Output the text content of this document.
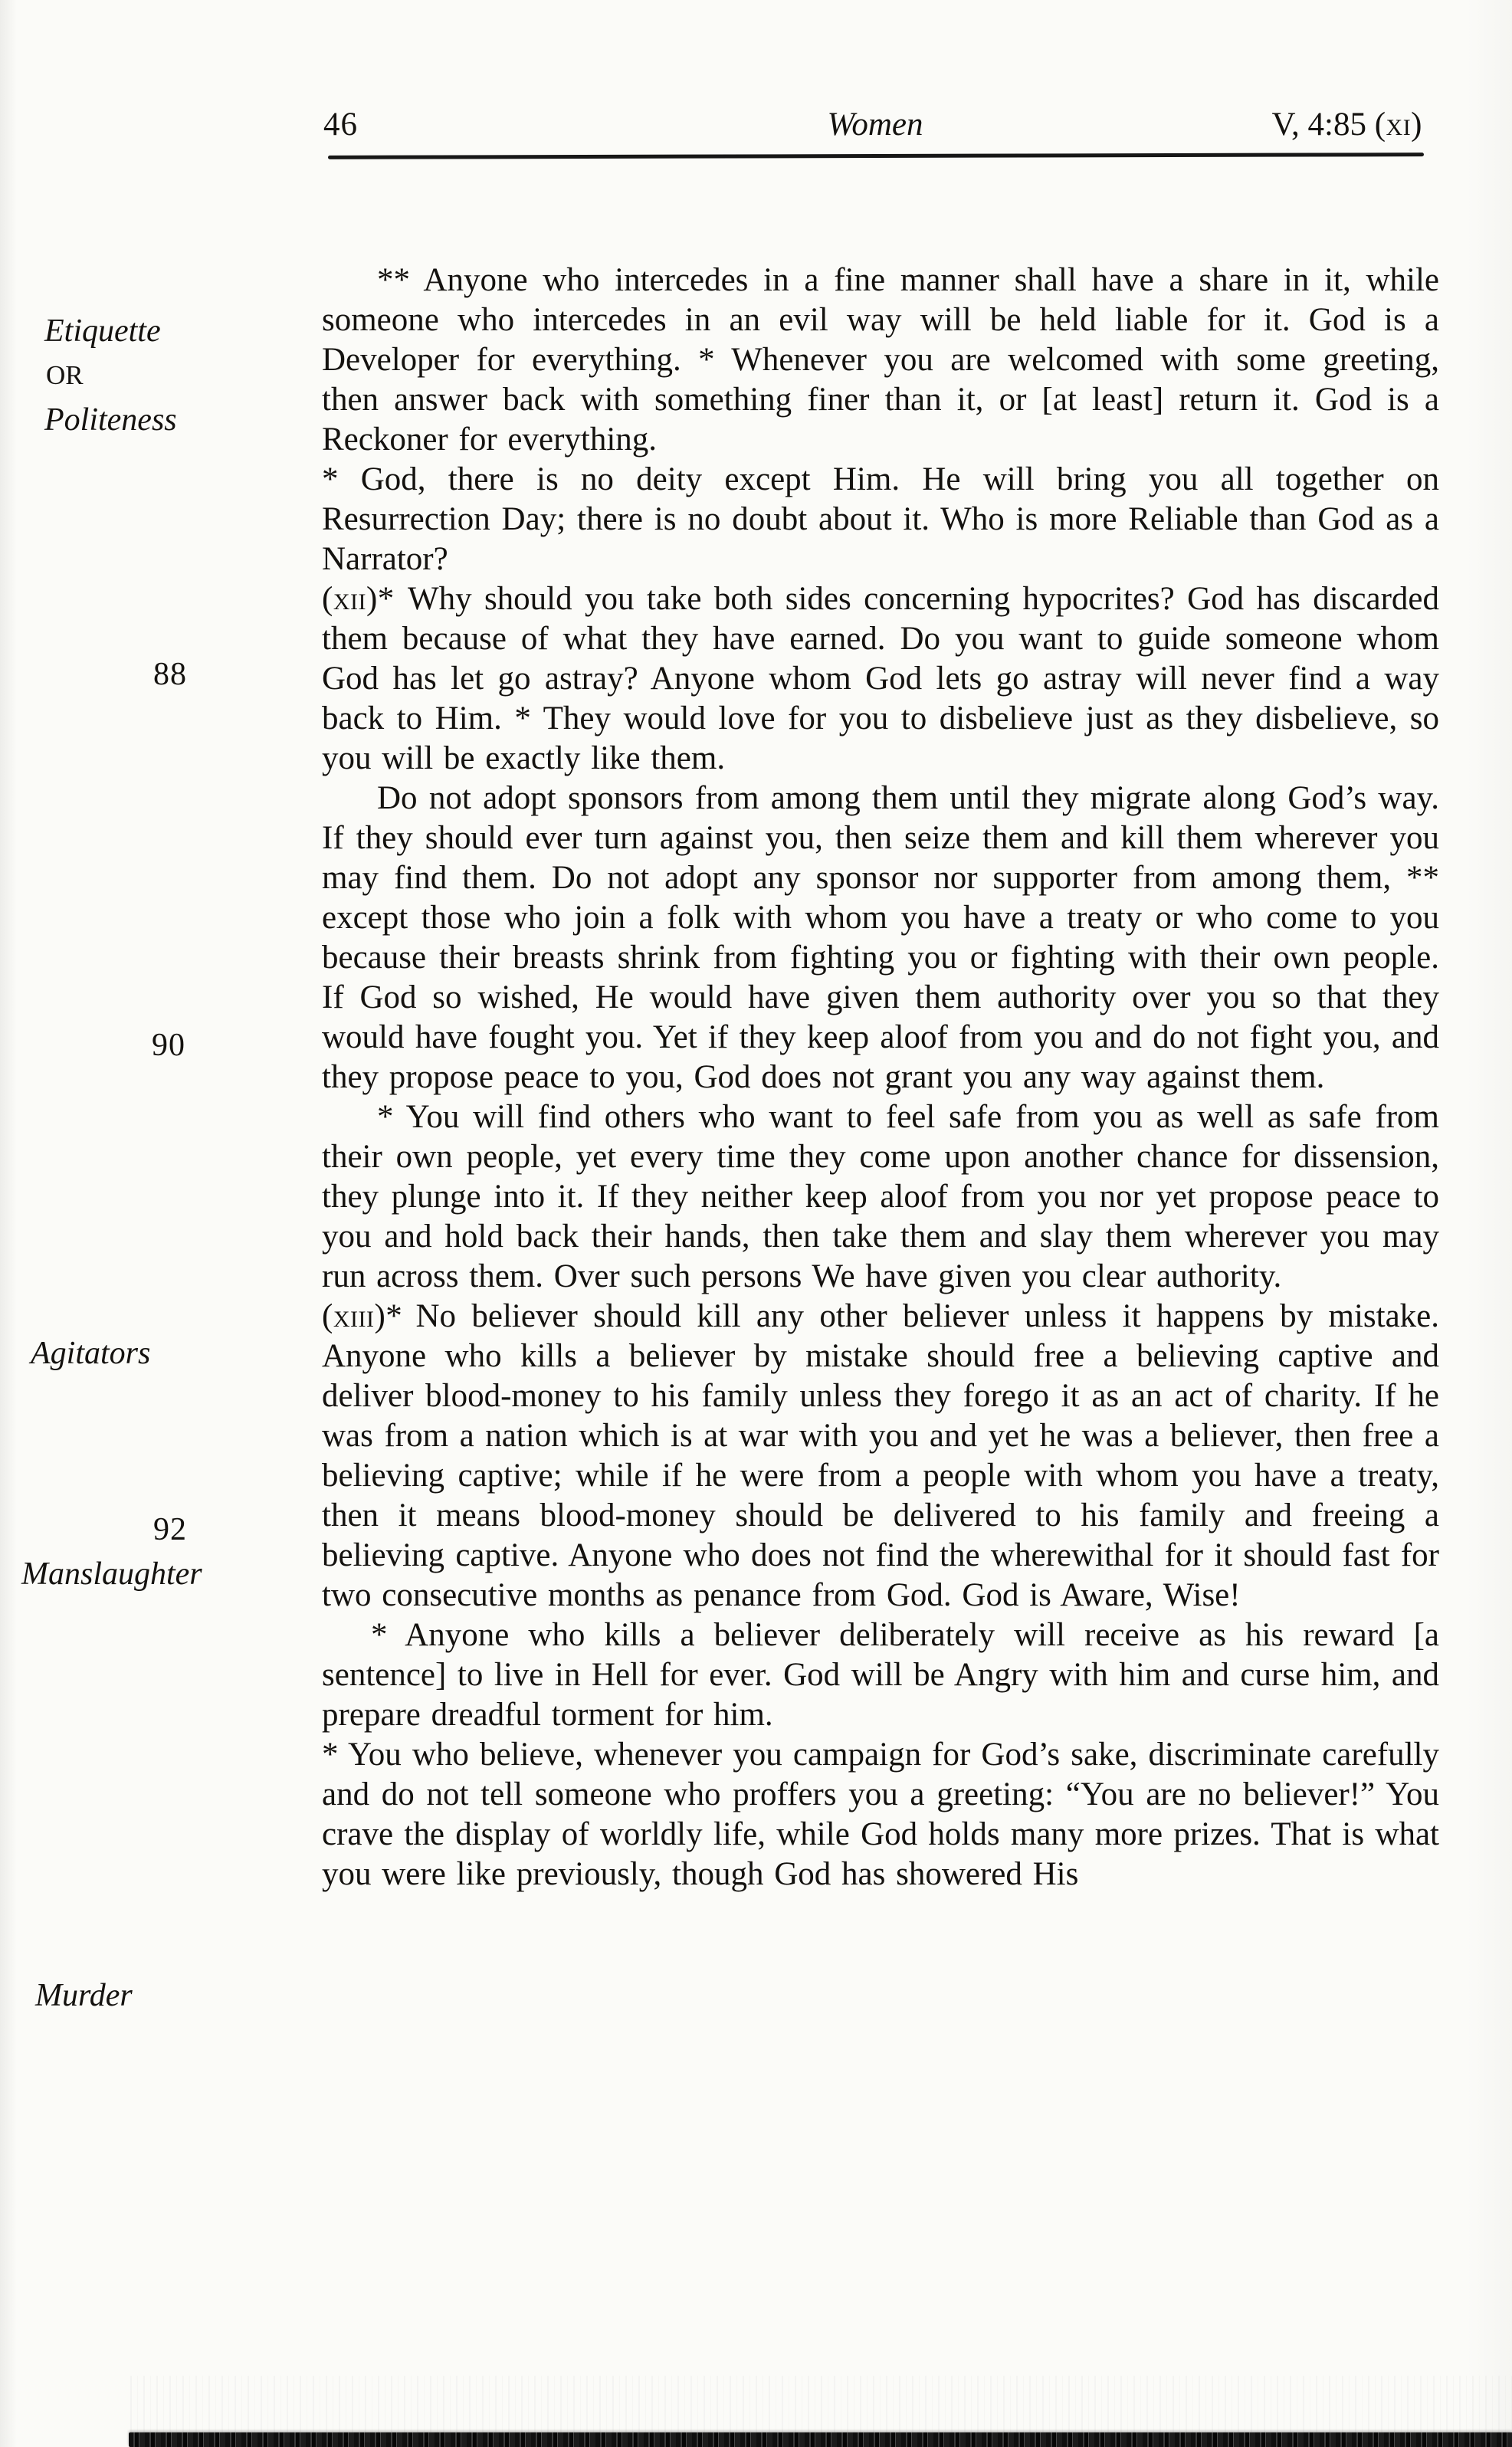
46	Women	V, 4:85 (xi)
Etiquette
OR
Politeness
88
90
Agitators
92
Manslaughter
Murder

** Anyone who intercedes in a fine manner shall have a share in it, while someone who intercedes in an evil way will be held liable for it. God is a Developer for everything. * Whenever you are welcomed with some greeting, then answer back with something finer than it, or [at least] return it. God is a Reckoner for everything.

* God, there is no deity except Him. He will bring you all together on Resurrection Day; there is no doubt about it. Who is more Reliable than God as a Narrator?

(xii)* Why should you take both sides concerning hypocrites? God has discarded them because of what they have earned. Do you want to guide someone whom God has let go astray? Anyone whom God lets go astray will never find a way back to Him. * They would love for you to disbelieve just as they disbelieve, so you will be exactly like them.

Do not adopt sponsors from among them until they migrate along God’s way. If they should ever turn against you, then seize them and kill them wherever you may find them. Do not adopt any sponsor nor supporter from among them, ** except those who join a folk with whom you have a treaty or who come to you because their breasts shrink from fighting you or fighting with their own people. If God so wished, He would have given them authority over you so that they would have fought you. Yet if they keep aloof from you and do not fight you, and they propose peace to you, God does not grant you any way against them.

* You will find others who want to feel safe from you as well as safe from their own people, yet every time they come upon another chance for dissension, they plunge into it. If they neither keep aloof from you nor yet propose peace to you and hold back their hands, then take them and slay them wherever you may run across them. Over such persons We have given you clear authority.

(xiii)* No believer should kill any other believer unless it happens by mistake. Anyone who kills a believer by mistake should free a believing captive and deliver blood-money to his family unless they forego it as an act of charity. If he was from a nation which is at war with you and yet he was a believer, then free a believing captive; while if he were from a people with whom you have a treaty, then it means blood-money should be delivered to his family and freeing a believing captive. Anyone who does not find the wherewithal for it should fast for two consecutive months as penance from God. God is Aware, Wise!

* Anyone who kills a believer deliberately will receive as his reward [a sentence] to live in Hell for ever. God will be Angry with him and curse him, and prepare dreadful torment for him.

* You who believe, whenever you campaign for God’s sake, discriminate carefully and do not tell someone who proffers you a greeting: “You are no believer!” You crave the display of worldly life, while God holds many more prizes. That is what you were like previously, though God has showered His
